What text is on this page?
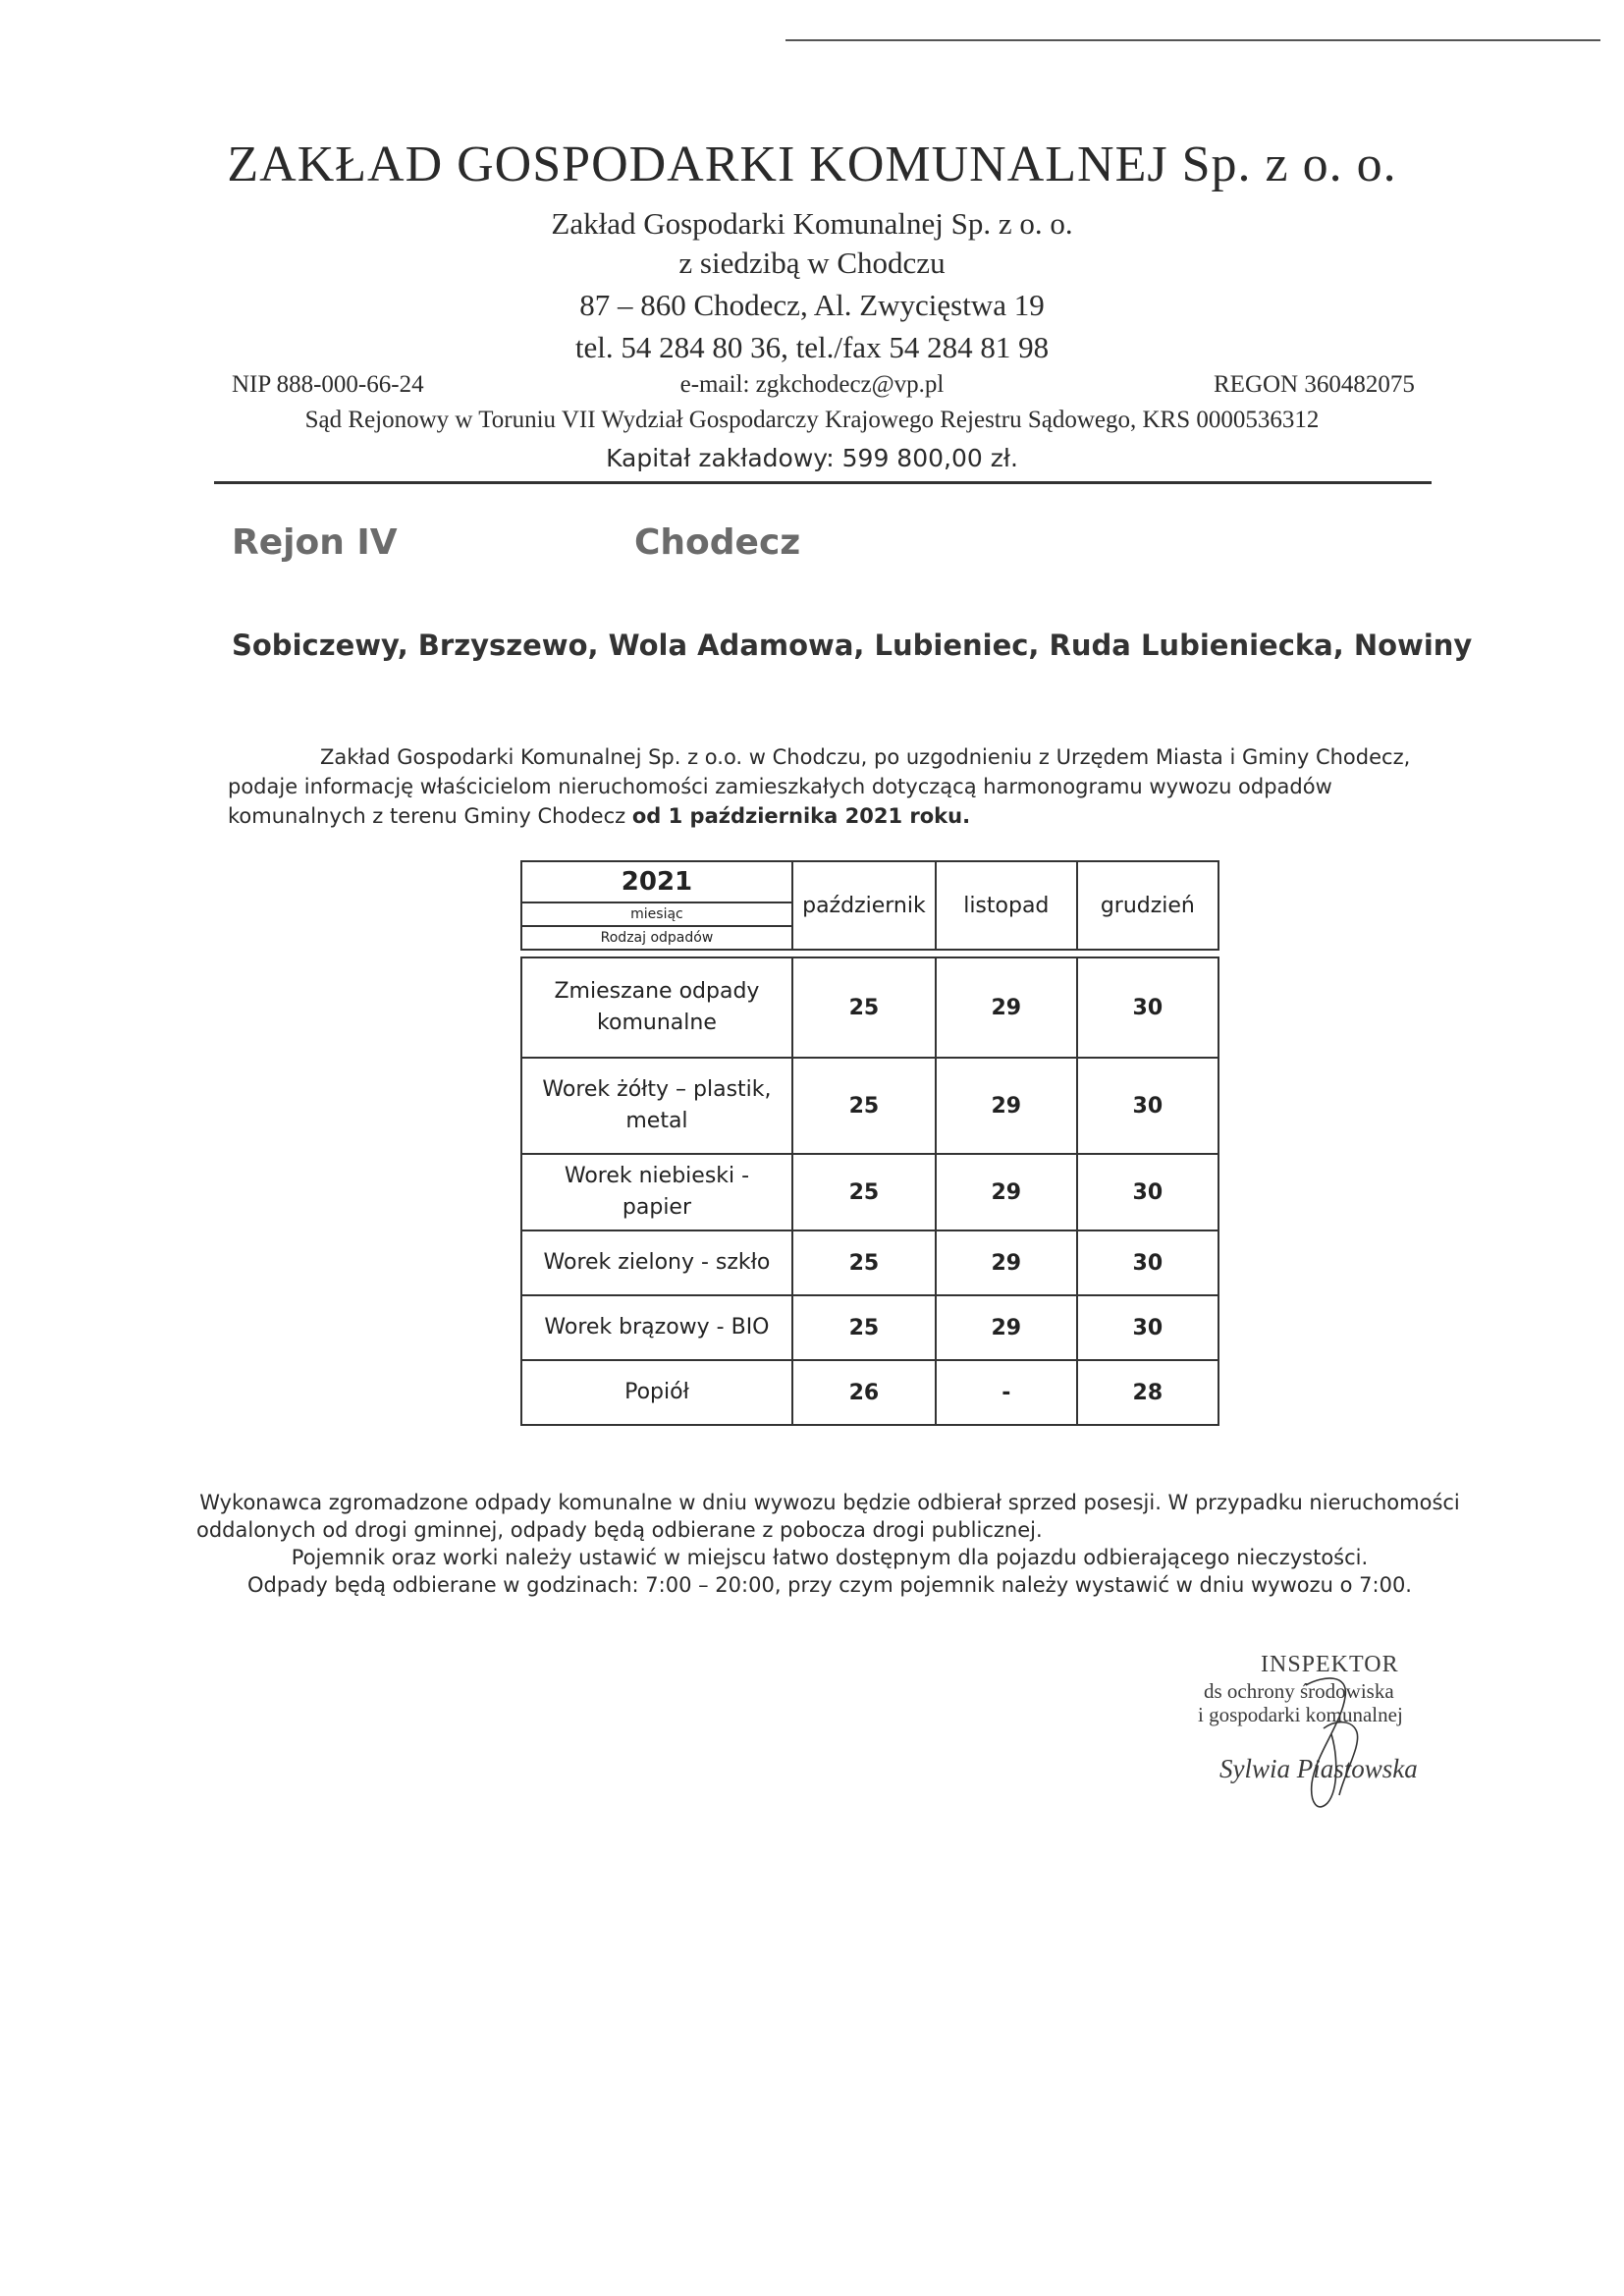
ZAKŁAD GOSPODARKI KOMUNALNEJ Sp. z o. o.
Zakład Gospodarki Komunalnej Sp. z o. o.
z siedzibą w Chodczu
87 – 860 Chodecz, Al. Zwycięstwa 19
tel. 54 284 80 36, tel./fax 54 284 81 98
e-mail: zgkchodecz@vp.pl
NIP 888-000-66-24	REGON 360482075
Sąd Rejonowy w Toruniu VII Wydział Gospodarczy Krajowego Rejestru Sądowego, KRS 0000536312
Kapitał zakładowy: 599 800,00 zł.
Rejon IV	Chodecz
Sobiczewy, Brzyszewo, Wola Adamowa, Lubieniec, Ruda Lubieniecka, Nowiny
Zakład Gospodarki Komunalnej Sp. z o.o. w Chodczu, po uzgodnieniu z Urzędem Miasta i Gminy Chodecz, podaje informację właścicielom nieruchomości zamieszkałych dotyczącą harmonogramu wywozu odpadów komunalnych z terenu Gminy Chodecz od 1 października 2021 roku.
2021
miesiąc
Rodzaj odpadów	październik	listopad	grudzień

Zmieszane odpady komunalne	25	29	30
Worek żółty – plastik, metal	25	29	30
Worek niebieski - papier	25	29	30
Worek zielony - szkło	25	29	30
Worek brązowy - BIO	25	29	30
Popiół	26	-	28
Wykonawca zgromadzone odpady komunalne w dniu wywozu będzie odbierał sprzed posesji. W przypadku nieruchomości
oddalonych od drogi gminnej, odpady będą odbierane z pobocza drogi publicznej.
Pojemnik oraz worki należy ustawić w miejscu łatwo dostępnym dla pojazdu odbierającego nieczystości.
Odpady będą odbierane w godzinach: 7:00 – 20:00, przy czym pojemnik należy wystawić w dniu wywozu o 7:00.
INSPEKTOR
ds ochrony środowiska
i gospodarki komunalnej
Sylwia Piastowska
